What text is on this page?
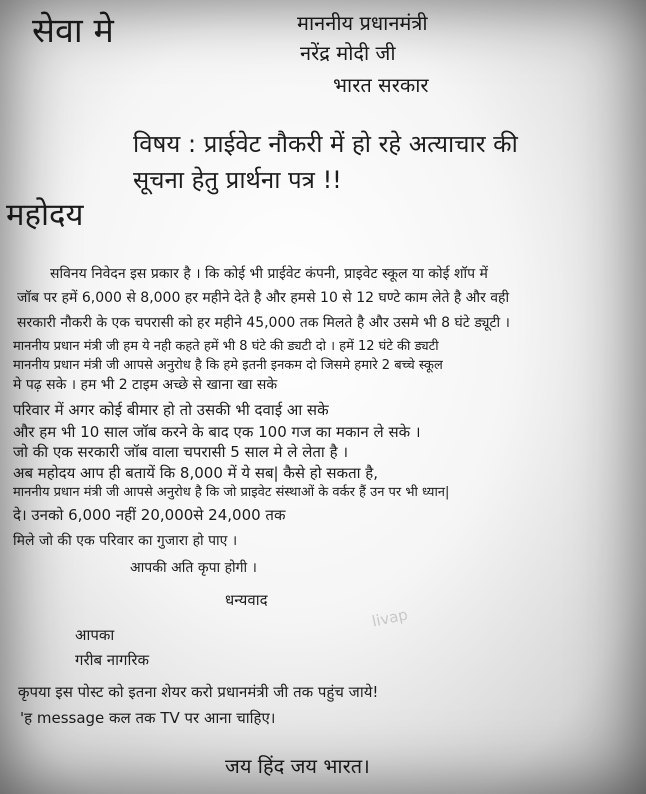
सेवा मे	माननीय प्रधानमंत्री

नरेंद्र मोदी जी

भारत सरकार

विषय : प्राईवेट नौकरी में हो रहे अत्याचार की

सूचना हेतु प्रार्थना पत्र !!

महोदय

सविनय निवेदन इस प्रकार है । कि कोई भी प्राईवेट कंपनी, प्राइवेट स्कूल या कोई शॉप में

जॉब पर हमें 6,000 से 8,000 हर महीने देते है और हमसे 10 से 12 घण्टे काम लेते है और वही

सरकारी नौकरी के एक चपरासी को हर महीने 45,000 तक मिलते है और उसमे भी 8 घंटे ड्यूटी ।

माननीय प्रधान मंत्री जी हम ये नही कहते हमें भी 8 घंटे की ड्यटी दो । हमें 12 घंटे की ड्यटी

माननीय प्रधान मंत्री जी आपसे अनुरोध है कि हमे इतनी इनकम दो जिसमे हमारे 2 बच्चे स्कूल

मे पढ़ सके । हम भी 2 टाइम अच्छे से खाना खा सके

परिवार में अगर कोई बीमार हो तो उसकी भी दवाई आ सके

और हम भी 10 साल जॉब करने के बाद एक 100 गज का मकान ले सके ।

जो की एक सरकारी जॉब वाला चपरासी 5 साल मे ले लेता है ।

अब महोदय आप ही बतायें कि 8,000 में ये सब| कैसे हो सकता है,

माननीय प्रधान मंत्री जी आपसे अनुरोध है कि जो प्राइवेट संस्थाओं के वर्कर हैं उन पर भी ध्यान|

दे। उनको 6,000 नहीं 20,000से 24,000 तक

मिले जो की एक परिवार का गुजारा हो पाए ।

आपकी अति कृपा होगी ।

धन्यवाद

livap

आपका

गरीब नागरिक

कृपया इस पोस्ट को इतना शेयर करो प्रधानमंत्री जी तक पहुंच जाये!

'ह message कल तक TV पर आना चाहिए।

जय हिंद जय भारत।
